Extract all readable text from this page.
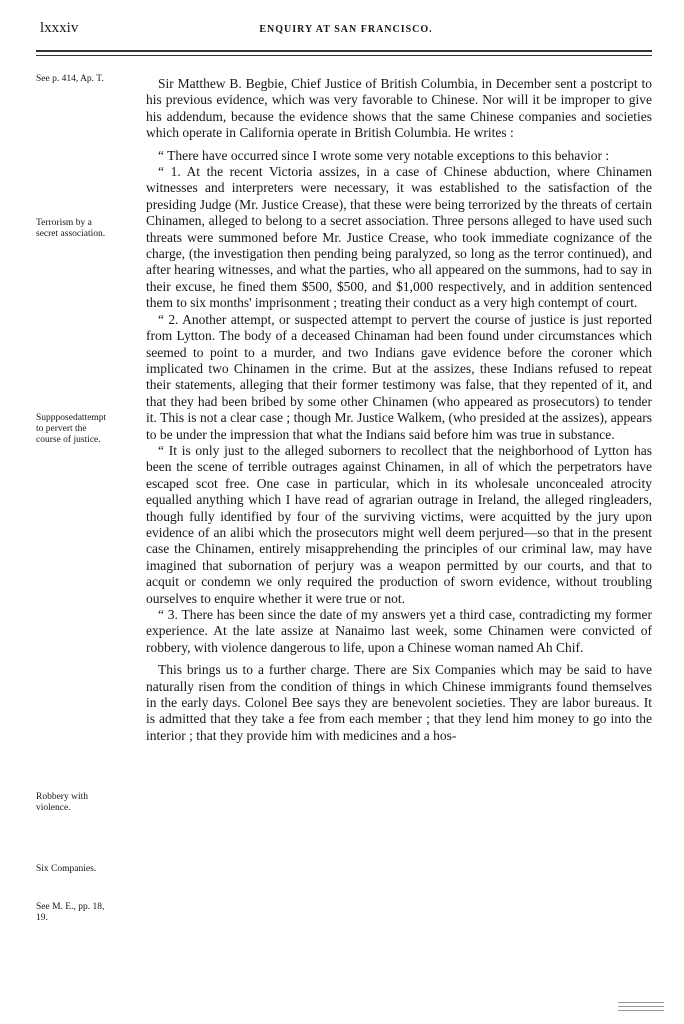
lxxxiv	ENQUIRY AT SAN FRANCISCO.
See p. 414, Ap. T.
Terrorism by a
secret association.
Suppposedattempt
to pervert the
course of justice.
Robbery with
violence.
Six Companies.
See M. E., pp. 18,
19.

Sir Matthew B. Begbie, Chief Justice of British Columbia, in December sent a postcript to his previous evidence, which was very favorable to Chinese. Nor will it be improper to give his addendum, because the evidence shows that the same Chinese companies and societies which operate in California operate in British Columbia. He writes :

“ There have occurred since I wrote some very notable exceptions to this behavior :

“ 1. At the recent Victoria assizes, in a case of Chinese abduction, where Chinamen witnesses and interpreters were necessary, it was established to the satisfaction of the presiding Judge (Mr. Justice Crease), that these were being terrorized by the threats of certain Chinamen, alleged to belong to a secret association. Three persons alleged to have used such threats were summoned before Mr. Justice Crease, who took immediate cognizance of the charge, (the investigation then pending being paralyzed, so long as the terror continued), and after hearing witnesses, and what the parties, who all appeared on the summons, had to say in their excuse, he fined them $500, $500, and $1,000 respectively, and in addition sentenced them to six months' imprisonment ; treating their conduct as a very high contempt of court.

“ 2. Another attempt, or suspected attempt to pervert the course of justice is just reported from Lytton. The body of a deceased Chinaman had been found under circumstances which seemed to point to a murder, and two Indians gave evidence before the coroner which implicated two Chinamen in the crime. But at the assizes, these Indians refused to repeat their statements, alleging that their former testimony was false, that they repented of it, and that they had been bribed by some other Chinamen (who appeared as prosecutors) to tender it. This is not a clear case ; though Mr. Justice Walkem, (who presided at the assizes), appears to be under the impression that what the Indians said before him was true in substance.

“ It is only just to the alleged suborners to recollect that the neighborhood of Lytton has been the scene of terrible outrages against Chinamen, in all of which the perpetrators have escaped scot free. One case in particular, which in its wholesale unconcealed atrocity equalled anything which I have read of agrarian outrage in Ireland, the alleged ringleaders, though fully identified by four of the surviving victims, were acquitted by the jury upon evidence of an alibi which the prosecutors might well deem perjured—so that in the present case the Chinamen, entirely misapprehending the principles of our criminal law, may have imagined that subornation of perjury was a weapon permitted by our courts, and that to acquit or condemn we only required the production of sworn evidence, without troubling ourselves to enquire whether it were true or not.

“ 3. There has been since the date of my answers yet a third case, contradicting my former experience. At the late assize at Nanaimo last week, some Chinamen were convicted of robbery, with violence dangerous to life, upon a Chinese woman named Ah Chif.

This brings us to a further charge. There are Six Companies which may be said to have naturally risen from the condition of things in which Chinese immigrants found themselves in the early days. Colonel Bee says they are benevolent societies. They are labor bureaus. It is admitted that they take a fee from each member ; that they lend him money to go into the interior ; that they provide him with medicines and a hos-
